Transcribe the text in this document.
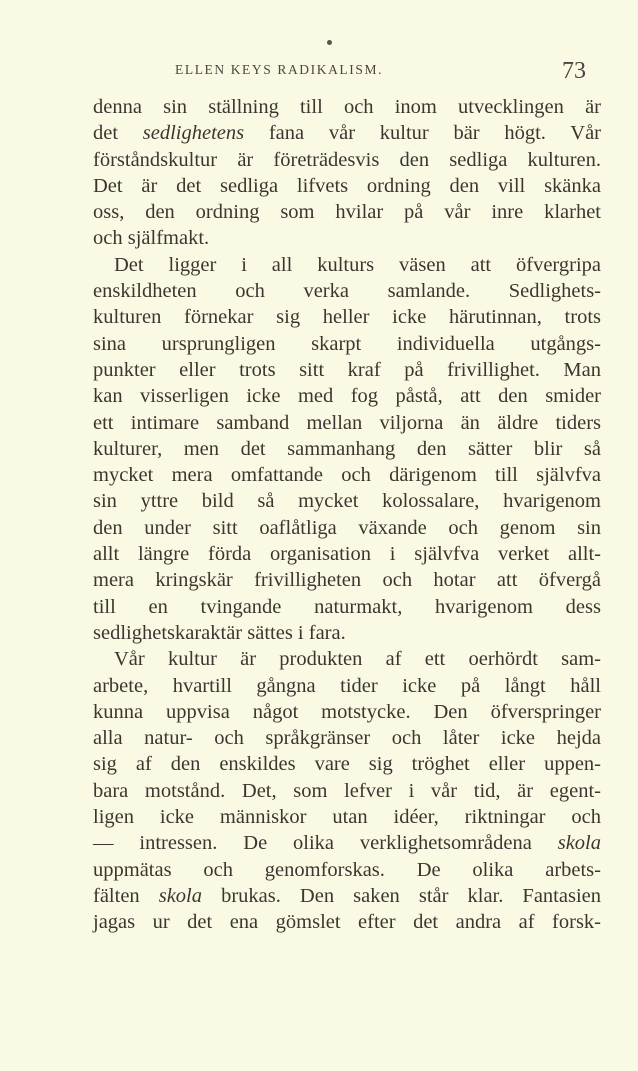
ELLEN KEYS RADIKALISM.	73
denna sin ställning till och inom utvecklingen är
det sedlighetens fana vår kultur bär högt. Vår
förståndskultur är företrädesvis den sedliga kulturen.
Det är det sedliga lifvets ordning den vill skänka
oss, den ordning som hvilar på vår inre klarhet
och själfmakt.
Det ligger i all kulturs väsen att öfvergripa
enskildheten och verka samlande. Sedlighets-
kulturen förnekar sig heller icke härutinnan, trots
sina ursprungligen skarpt individuella utgångs-
punkter eller trots sitt kraf på frivillighet. Man
kan visserligen icke med fog påstå, att den smider
ett intimare samband mellan viljorna än äldre tiders
kulturer, men det sammanhang den sätter blir så
mycket mera omfattande och därigenom till självfva
sin yttre bild så mycket kolossalare, hvarigenom
den under sitt oaflåtliga växande och genom sin
allt längre förda organisation i självfva verket allt-
mera kringskär frivilligheten och hotar att öfvergå
till en tvingande naturmakt, hvarigenom dess
sedlighetskaraktär sättes i fara.
Vår kultur är produkten af ett oerhördt sam-
arbete, hvartill gångna tider icke på långt håll
kunna uppvisa något motstycke. Den öfverspringer
alla natur- och språkgränser och låter icke hejda
sig af den enskildes vare sig tröghet eller uppen-
bara motstånd. Det, som lefver i vår tid, är egent-
ligen icke människor utan idéer, riktningar och
— intressen. De olika verklighetsområdena skola
uppmätas och genomforskas. De olika arbets-
fälten skola brukas. Den saken står klar. Fantasien
jagas ur det ena gömslet efter det andra af forsk-
